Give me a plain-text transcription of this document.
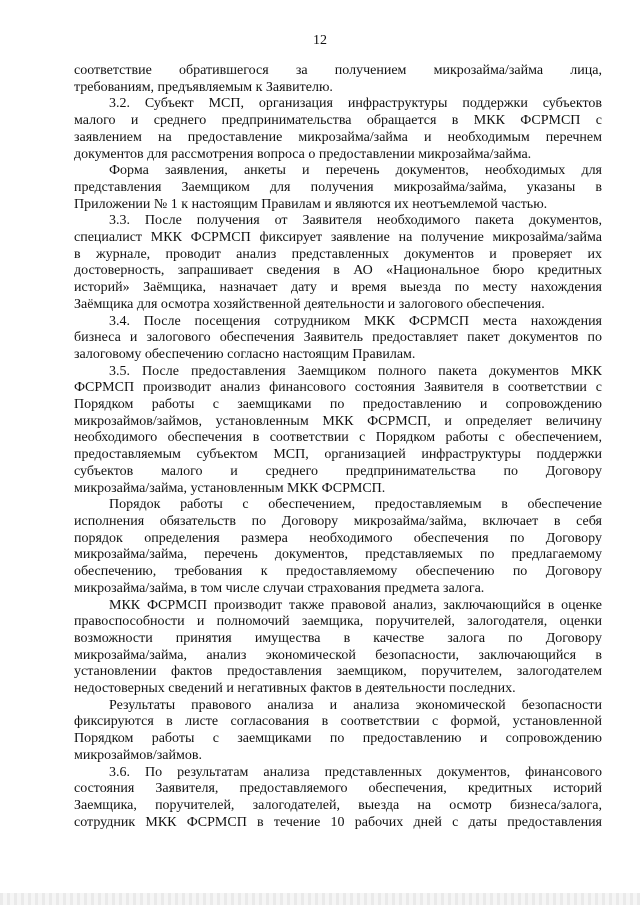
12

соответствие обратившегося за получением микрозайма/займа лица,
требованиям, предъявляемым к Заявителю.

3.2. Субъект МСП, организация инфраструктуры поддержки субъектов
малого и среднего предпринимательства обращается в МКК ФСРМСП с
заявлением на предоставление микрозайма/займа и необходимым перечнем
документов для рассмотрения вопроса о предоставлении микрозайма/займа.

Форма заявления, анкеты и перечень документов, необходимых для
представления Заемщиком для получения микрозайма/займа, указаны в
Приложении № 1 к настоящим Правилам и являются их неотъемлемой частью.

3.3. После получения от Заявителя необходимого пакета документов,
специалист МКК ФСРМСП фиксирует заявление на получение микрозайма/займа
в журнале, проводит анализ представленных документов и проверяет их
достоверность, запрашивает сведения в АО «Национальное бюро кредитных
историй» Заёмщика, назначает дату и время выезда по месту нахождения
Заёмщика для осмотра хозяйственной деятельности и залогового обеспечения.

3.4. После посещения сотрудником МКК ФСРМСП места нахождения
бизнеса и залогового обеспечения Заявитель предоставляет пакет документов по
залоговому обеспечению согласно настоящим Правилам.

3.5. После предоставления Заемщиком полного пакета документов МКК
ФСРМСП производит анализ финансового состояния Заявителя в соответствии с
Порядком работы с заемщиками по предоставлению и сопровождению
микрозаймов/займов, установленным МКК ФСРМСП, и определяет величину
необходимого обеспечения в соответствии с Порядком работы с обеспечением,
предоставляемым субъектом МСП, организацией инфраструктуры поддержки
субъектов малого и среднего предпринимательства по Договору
микрозайма/займа, установленным МКК ФСРМСП.

Порядок работы с обеспечением, предоставляемым в обеспечение
исполнения обязательств по Договору микрозайма/займа, включает в себя
порядок определения размера необходимого обеспечения по Договору
микрозайма/займа, перечень документов, представляемых по предлагаемому
обеспечению, требования к предоставляемому обеспечению по Договору
микрозайма/займа, в том числе случаи страхования предмета залога.

МКК ФСРМСП производит также правовой анализ, заключающийся в оценке
правоспособности и полномочий заемщика, поручителей, залогодателя, оценки
возможности принятия имущества в качестве залога по Договору
микрозайма/займа, анализ экономической безопасности, заключающийся в
установлении фактов предоставления заемщиком, поручителем, залогодателем
недостоверных сведений и негативных фактов в деятельности последних.

Результаты правового анализа и анализа экономической безопасности
фиксируются в листе согласования в соответствии с формой, установленной
Порядком работы с заемщиками по предоставлению и сопровождению
микрозаймов/займов.

3.6. По результатам анализа представленных документов, финансового
состояния Заявителя, предоставляемого обеспечения, кредитных историй
Заемщика, поручителей, залогодателей, выезда на осмотр бизнеса/залога,
сотрудник МКК ФСРМСП в течение 10 рабочих дней с даты предоставления
